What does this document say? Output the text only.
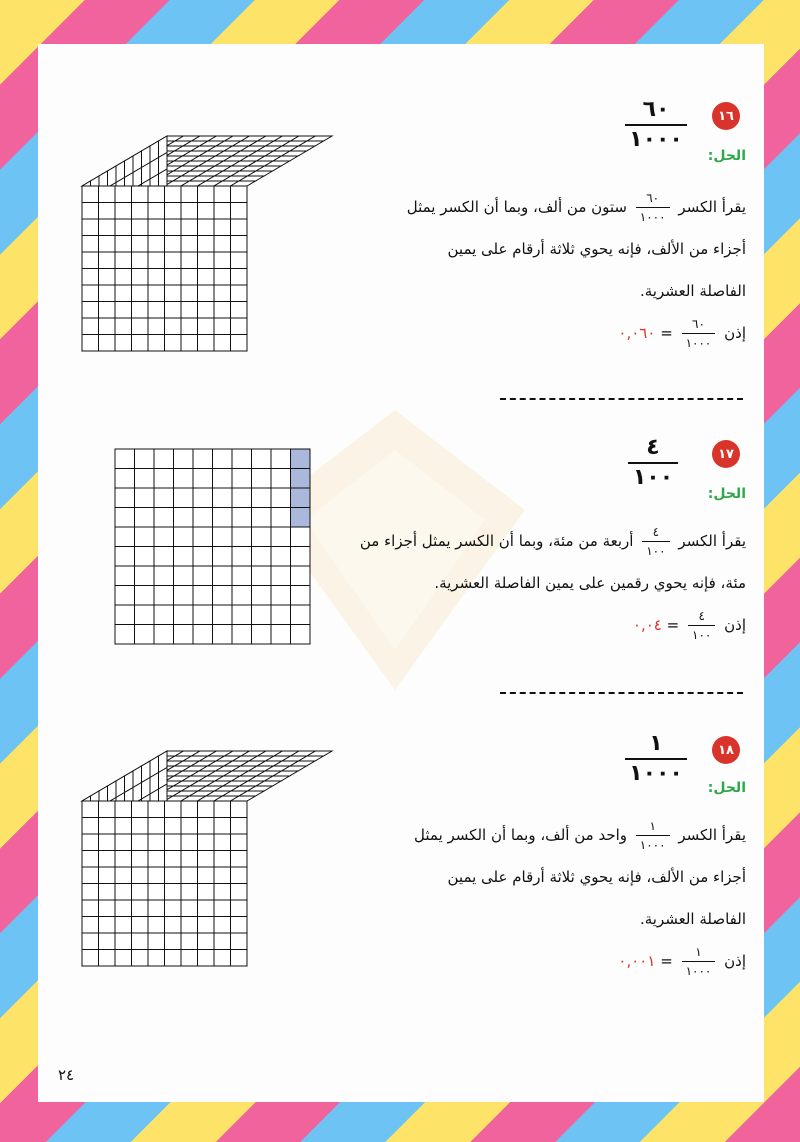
١٦
٦٠
١٠٠٠
الحل:
يقرأ الكسر
$\frac{٦٠}{١٠٠٠}$
ستون من ألف، وبما أن الكسر يمثل
أجزاء من الألف، فإنه يحوي ثلاثة أرقام على يمين
الفاصلة العشرية.
إذن
$\frac{٦٠}{١٠٠٠}$
= ٠,٠٦٠
١٧
٤
١٠٠
الحل:
يقرأ الكسر
$\frac{٤}{١٠٠}$
أربعة من مئة، وبما أن الكسر يمثل أجزاء من
مئة، فإنه يحوي رقمين على يمين الفاصلة العشرية.
إذن
$\frac{٤}{١٠٠}$
= ٠,٠٤
١٨
١
١٠٠٠
الحل:
يقرأ الكسر
$\frac{١}{١٠٠٠}$
واحد من ألف، وبما أن الكسر يمثل
أجزاء من الألف، فإنه يحوي ثلاثة أرقام على يمين
الفاصلة العشرية.
إذن
$\frac{١}{١٠٠٠}$
= ٠,٠٠١
٢٤
